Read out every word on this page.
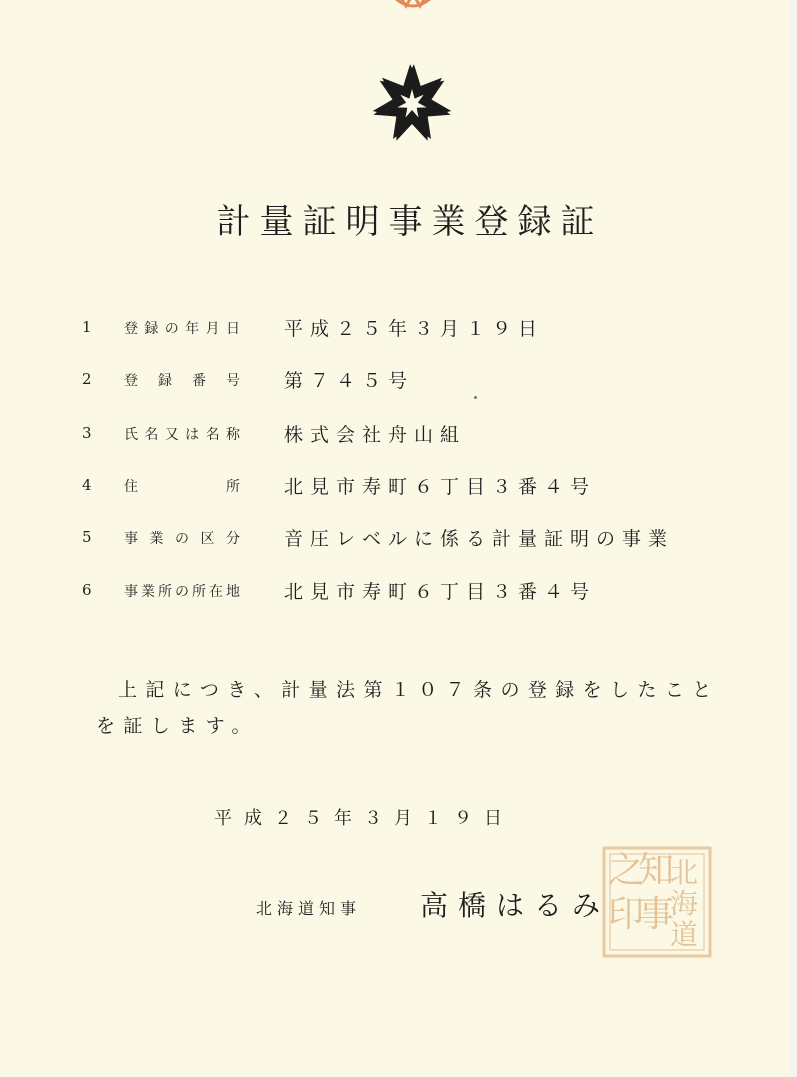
計量証明事業登録証
1 登 録 の 年 月 日 平成２５年３月１９日
2 登 録 番 号 第７４５号
3 氏 名 又 は 名 称 株式会社舟山組
4 住	所 北見市寿町６丁目３番４号
5 事 業 の 区 分 音圧レベルに係る計量証明の事業
6 事 業 所 の 所 在 地 北見市寿町６丁目３番４号
上記につき、計量法第１０７条の登録をしたことを証します。
平成２５年３月１９日
北海道知事 高橋はるみ
北
海
道
知
事
之
印
